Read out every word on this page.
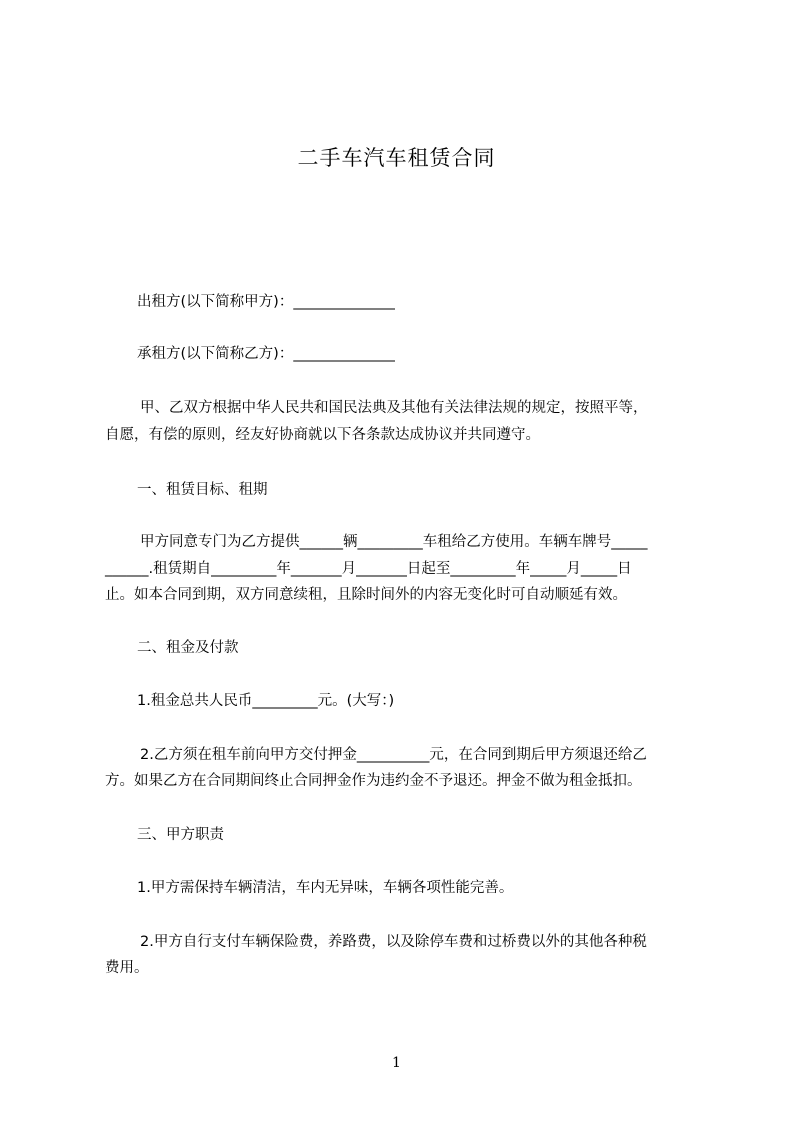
二手车汽车租赁合同
出租方(以下简称甲方)：______________
承租方(以下简称乙方)：______________
甲、乙双方根据中华人民共和国民法典及其他有关法律法规的规定，按照平等，
自愿，有偿的原则，经友好协商就以下各条款达成协议并共同遵守。
一、租赁目标、租期
甲方同意专门为乙方提供______辆_________车租给乙方使用。车辆车牌号_____
______.租赁期自_________年_______月_______日起至_________年_____月_____日
止。如本合同到期，双方同意续租，且除时间外的内容无变化时可自动顺延有效。
二、租金及付款
1.租金总共人民币_________元。(大写：)
2.乙方须在租车前向甲方交付押金__________元，在合同到期后甲方须退还给乙
方。如果乙方在合同期间终止合同押金作为违约金不予退还。押金不做为租金抵扣。
三、甲方职责
1.甲方需保持车辆清洁，车内无异味，车辆各项性能完善。
2.甲方自行支付车辆保险费，养路费，以及除停车费和过桥费以外的其他各种税
费用。
1
